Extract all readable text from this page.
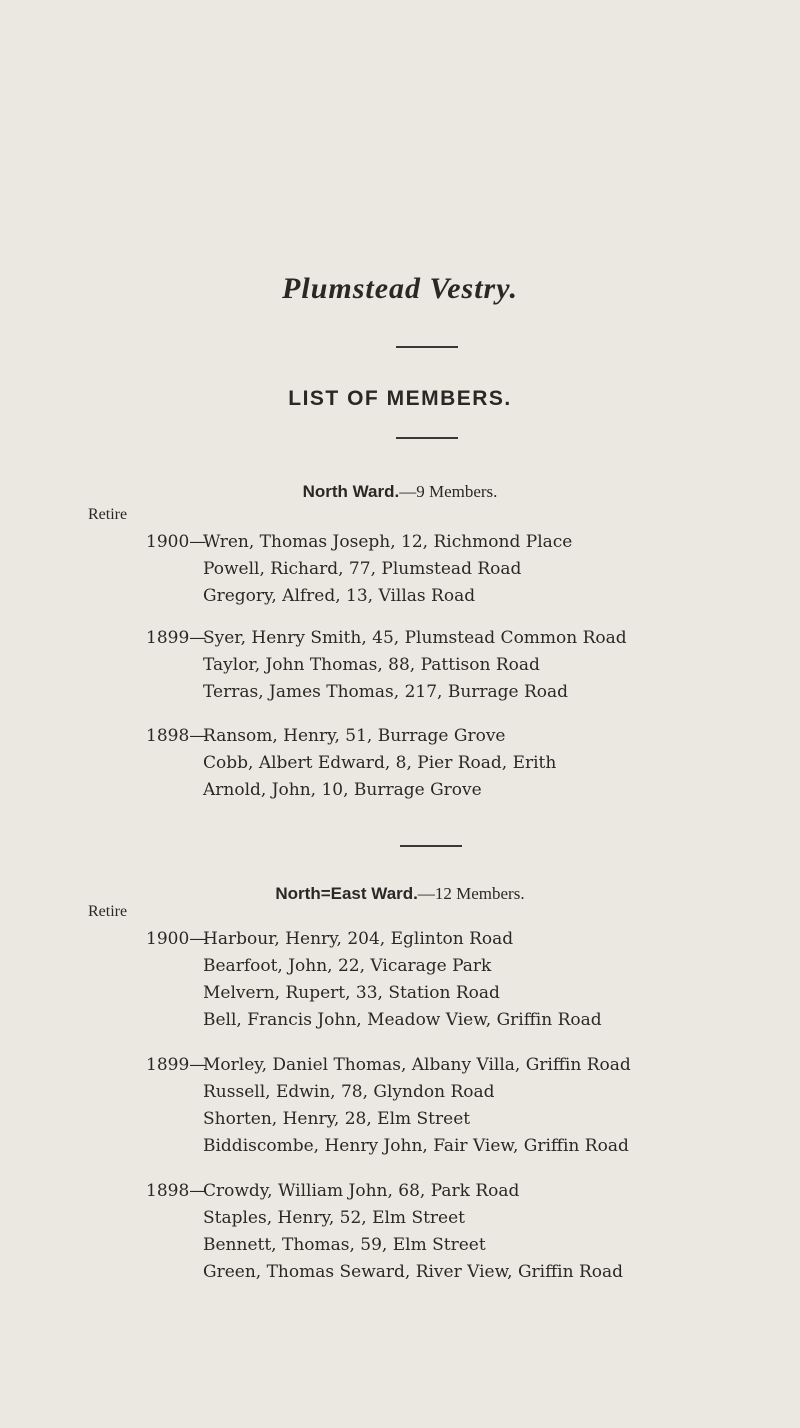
Plumstead Vestry.
LIST OF MEMBERS.
North Ward.—9 Members.
Retire
1900—
Wren, Thomas Joseph, 12, Richmond Place
Powell, Richard, 77, Plumstead Road
Gregory, Alfred, 13, Villas Road
1899—
Syer, Henry Smith, 45, Plumstead Common Road
Taylor, John Thomas, 88, Pattison Road
Terras, James Thomas, 217, Burrage Road
1898—
Ransom, Henry, 51, Burrage Grove
Cobb, Albert Edward, 8, Pier Road, Erith
Arnold, John, 10, Burrage Grove
North=East Ward.—12 Members.
Retire
1900—
Harbour, Henry, 204, Eglinton Road
Bearfoot, John, 22, Vicarage Park
Melvern, Rupert, 33, Station Road
Bell, Francis John, Meadow View, Griffin Road
1899—
Morley, Daniel Thomas, Albany Villa, Griffin Road
Russell, Edwin, 78, Glyndon Road
Shorten, Henry, 28, Elm Street
Biddiscombe, Henry John, Fair View, Griffin Road
1898—
Crowdy, William John, 68, Park Road
Staples, Henry, 52, Elm Street
Bennett, Thomas, 59, Elm Street
Green, Thomas Seward, River View, Griffin Road
